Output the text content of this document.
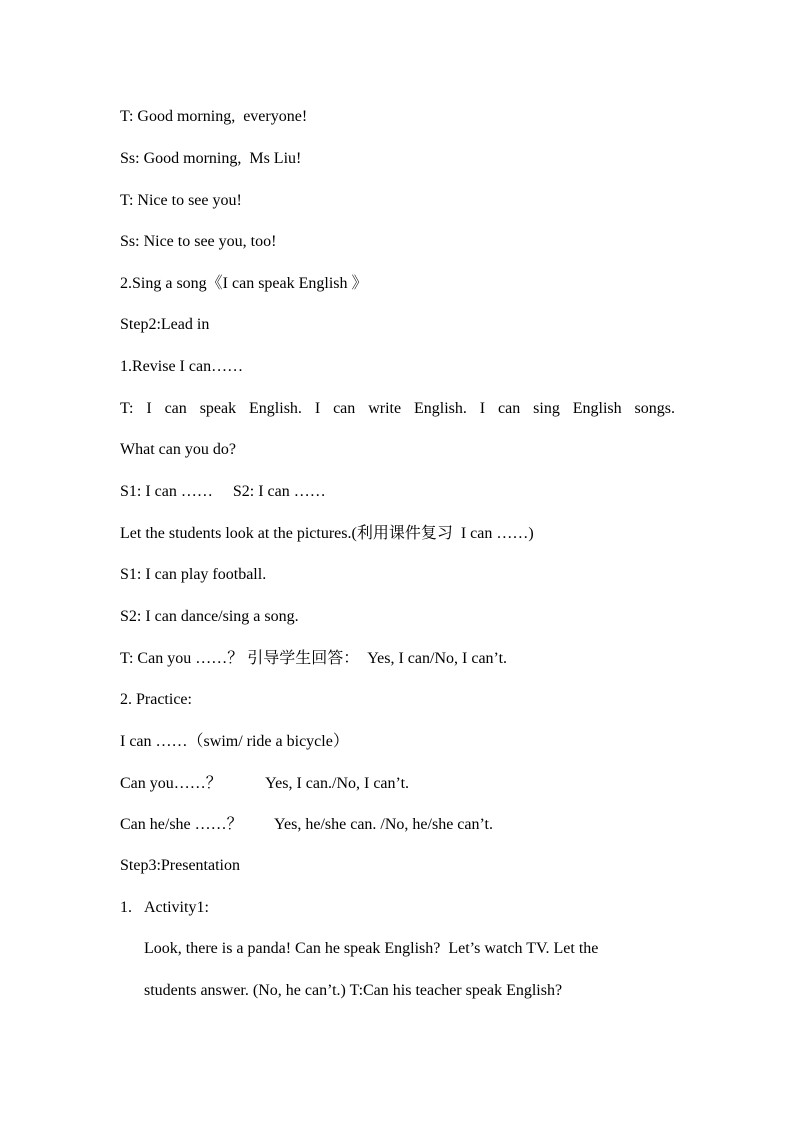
T: Good morning,  everyone!
Ss: Good morning,  Ms Liu!
T: Nice to see you!
Ss: Nice to see you, too!
2.Sing a song《I can speak English 》
Step2:Lead in
1.Revise I can……
T: I can speak English. I can write English. I can sing English songs.
What can you do?
S1: I can ……     S2: I can ……
Let the students look at the pictures.(利用课件复习  I can ……)
S1: I can play football.
S2: I can dance/sing a song.
T: Can you ……？ 引导学生回答：  Yes, I can/No, I can’t.
2. Practice:
I can ……（swim/ ride a bicycle）
Can you……？           Yes, I can./No, I can’t.
Can he/she ……？        Yes, he/she can. /No, he/she can’t.
Step3:Presentation
1. Activity1:
Look, there is a panda! Can he speak English?  Let’s watch TV. Let the
students answer. (No, he can’t.) T:Can his teacher speak English?
